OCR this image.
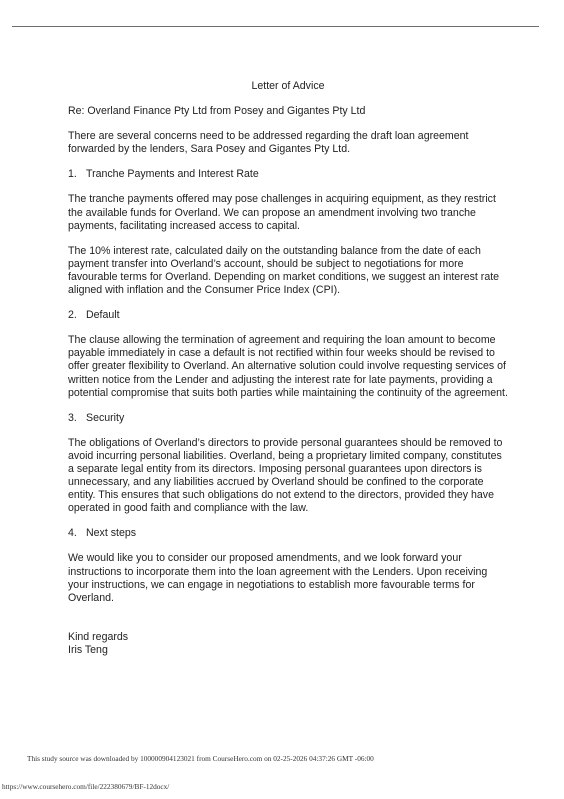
Letter of Advice
Re: Overland Finance Pty Ltd from Posey and Gigantes Pty Ltd
There are several concerns need to be addressed regarding the draft loan agreement forwarded by the lenders, Sara Posey and Gigantes Pty Ltd.
1. Tranche Payments and Interest Rate
The tranche payments offered may pose challenges in acquiring equipment, as they restrict the available funds for Overland. We can propose an amendment involving two tranche payments, facilitating increased access to capital.
The 10% interest rate, calculated daily on the outstanding balance from the date of each payment transfer into Overland’s account, should be subject to negotiations for more favourable terms for Overland. Depending on market conditions, we suggest an interest rate aligned with inflation and the Consumer Price Index (CPI).
2. Default
The clause allowing the termination of agreement and requiring the loan amount to become payable immediately in case a default is not rectified within four weeks should be revised to offer greater flexibility to Overland. An alternative solution could involve requesting services of written notice from the Lender and adjusting the interest rate for late payments, providing a potential compromise that suits both parties while maintaining the continuity of the agreement.
3. Security
The obligations of Overland’s directors to provide personal guarantees should be removed to avoid incurring personal liabilities. Overland, being a proprietary limited company, constitutes a separate legal entity from its directors. Imposing personal guarantees upon directors is unnecessary, and any liabilities accrued by Overland should be confined to the corporate entity. This ensures that such obligations do not extend to the directors, provided they have operated in good faith and compliance with the law.
4. Next steps
We would like you to consider our proposed amendments, and we look forward your instructions to incorporate them into the loan agreement with the Lenders. Upon receiving your instructions, we can engage in negotiations to establish more favourable terms for Overland.
Kind regards
Iris Teng
This study source was downloaded by 100000904123021 from CourseHero.com on 02-25-2026 04:37:26 GMT -06:00
https://www.coursehero.com/file/222380679/BF-12docx/
